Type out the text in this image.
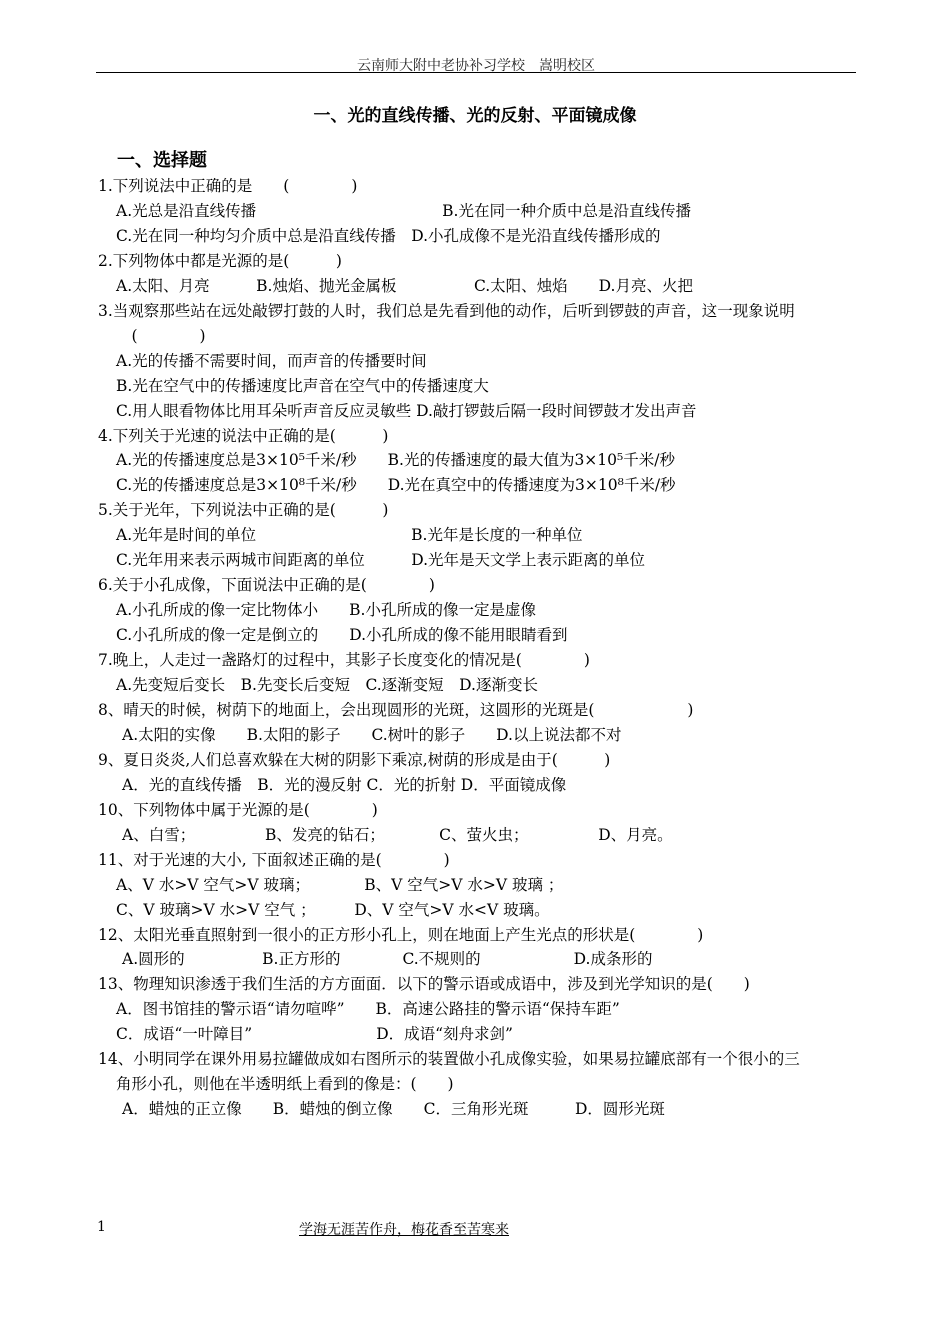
云南师大附中老协补习学校　嵩明校区
一、光的直线传播、光的反射、平面镜成像
一、选择题
1.下列说法中正确的是　　(　　　　)
A.光总是沿直线传播　　　　　　　　　　　　B.光在同一种介质中总是沿直线传播
C.光在同一种均匀介质中总是沿直线传播　D.小孔成像不是光沿直线传播形成的
2.下列物体中都是光源的是(　　　)
A.太阳、月亮　　　B.烛焰、抛光金属板　　　　　C.太阳、烛焰　　D.月亮、火把
3.当观察那些站在远处敲锣打鼓的人时，我们总是先看到他的动作，后听到锣鼓的声音，这一现象说明
　(　　　　)
A.光的传播不需要时间，而声音的传播要时间
B.光在空气中的传播速度比声音在空气中的传播速度大
C.用人眼看物体比用耳朵听声音反应灵敏些 D.敲打锣鼓后隔一段时间锣鼓才发出声音
4.下列关于光速的说法中正确的是(　　　)
A.光的传播速度总是3×10⁵千米/秒　　B.光的传播速度的最大值为3×10⁵千米/秒
C.光的传播速度总是3×10⁸千米/秒　　D.光在真空中的传播速度为3×10⁸千米/秒
5.关于光年，下列说法中正确的是(　　　)
A.光年是时间的单位　　　　　　　　　　B.光年是长度的一种单位
C.光年用来表示两城市间距离的单位　　　D.光年是天文学上表示距离的单位
6.关于小孔成像，下面说法中正确的是(　　　　)
A.小孔所成的像一定比物体小　　B.小孔所成的像一定是虚像
C.小孔所成的像一定是倒立的　　D.小孔所成的像不能用眼睛看到
7.晚上，人走过一盏路灯的过程中，其影子长度变化的情况是(　　　　)
A.先变短后变长　B.先变长后变短　C.逐渐变短　D.逐渐变长
8、晴天的时候，树荫下的地面上，会出现圆形的光斑，这圆形的光斑是(　　　　　　)
A.太阳的实像　　B.太阳的影子　　C.树叶的影子　　D.以上说法都不对
9、夏日炎炎,人们总喜欢躲在大树的阴影下乘凉,树荫的形成是由于(　　　)
A．光的直线传播　B．光的漫反射 C．光的折射 D．平面镜成像
10、下列物体中属于光源的是(　　　　)
A、白雪；　　　　　B、发亮的钻石；　　　　C、萤火虫；　　　　　D、月亮。
11、对于光速的大小, 下面叙述正确的是(　　　　)
A、V 水>V 空气>V 玻璃；　　　　B、V 空气>V 水>V 玻璃 ；
C、V 玻璃>V 水>V 空气 ；　　　D、V 空气>V 水<V 玻璃。
12、太阳光垂直照射到一很小的正方形小孔上，则在地面上产生光点的形状是(　　　　)
A.圆形的　　　　　B.正方形的　　　　C.不规则的　　　　　　D.成条形的
13、物理知识渗透于我们生活的方方面面．以下的警示语或成语中，涉及到光学知识的是(　　)
A．图书馆挂的警示语“请勿喧哗”　　B．高速公路挂的警示语“保持车距”
C．成语“一叶障目”　　　　　　　　D．成语“刻舟求剑”
14、小明同学在课外用易拉罐做成如右图所示的装置做小孔成像实验，如果易拉罐底部有一个很小的三
角形小孔，则他在半透明纸上看到的像是：(　　)
A．蜡烛的正立像　　B．蜡烛的倒立像　　C．三角形光斑　　　D．圆形光斑
1	学海无涯苦作舟，梅花香至苦寒来
